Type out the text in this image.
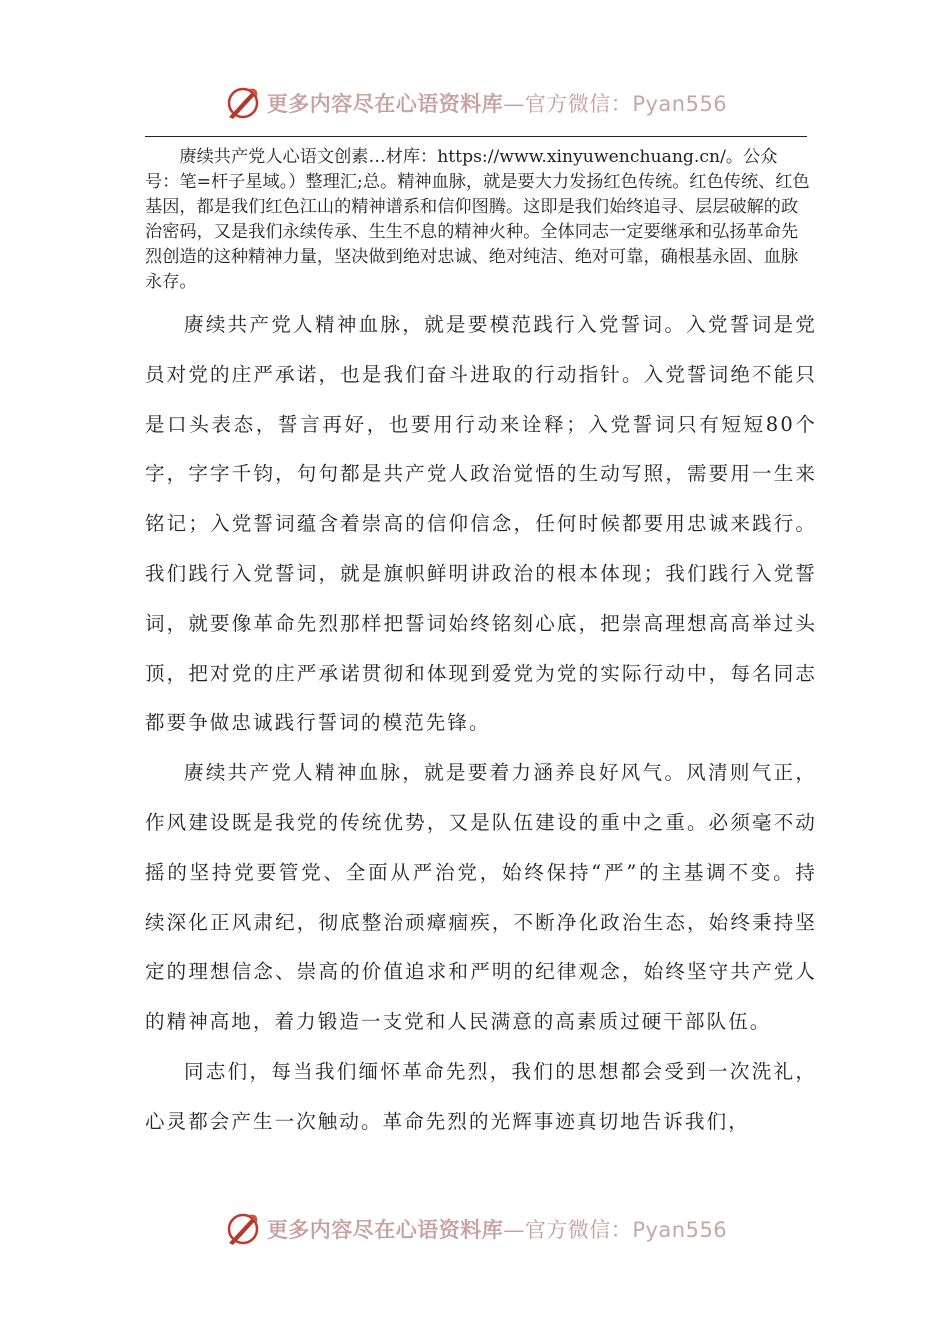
更多内容尽在心语资料库—官方微信：Pyan556

赓续共产党人心语文创素…材库：https://www.xinyuwenchuang.cn/。公众号：笔=杆子星域。）整理汇;总。精神血脉，就是要大力发扬红色传统。红色传统、红色基因，都是我们红色江山的精神谱系和信仰图腾。这即是我们始终追寻、层层破解的政治密码，又是我们永续传承、生生不息的精神火种。全体同志一定要继承和弘扬革命先烈创造的这种精神力量，坚决做到绝对忠诚、绝对纯洁、绝对可靠，确根基永固、血脉永存。

赓续共产党人精神血脉，就是要模范践行入党誓词。入党誓词是党员对党的庄严承诺，也是我们奋斗进取的行动指针。入党誓词绝不能只是口头表态，誓言再好，也要用行动来诠释；入党誓词只有短短80个字，字字千钧，句句都是共产党人政治觉悟的生动写照，需要用一生来铭记；入党誓词蕴含着崇高的信仰信念，任何时候都要用忠诚来践行。我们践行入党誓词，就是旗帜鲜明讲政治的根本体现；我们践行入党誓词，就要像革命先烈那样把誓词始终铭刻心底，把崇高理想高高举过头顶，把对党的庄严承诺贯彻和体现到爱党为党的实际行动中，每名同志都要争做忠诚践行誓词的模范先锋。

赓续共产党人精神血脉，就是要着力涵养良好风气。风清则气正，作风建设既是我党的传统优势，又是队伍建设的重中之重。必须毫不动摇的坚持党要管党、全面从严治党，始终保持“严”的主基调不变。持续深化正风肃纪，彻底整治顽瘴痼疾，不断净化政治生态，始终秉持坚定的理想信念、崇高的价值追求和严明的纪律观念，始终坚守共产党人的精神高地，着力锻造一支党和人民满意的高素质过硬干部队伍。

同志们，每当我们缅怀革命先烈，我们的思想都会受到一次洗礼，心灵都会产生一次触动。革命先烈的光辉事迹真切地告诉我们，

更多内容尽在心语资料库—官方微信：Pyan556
